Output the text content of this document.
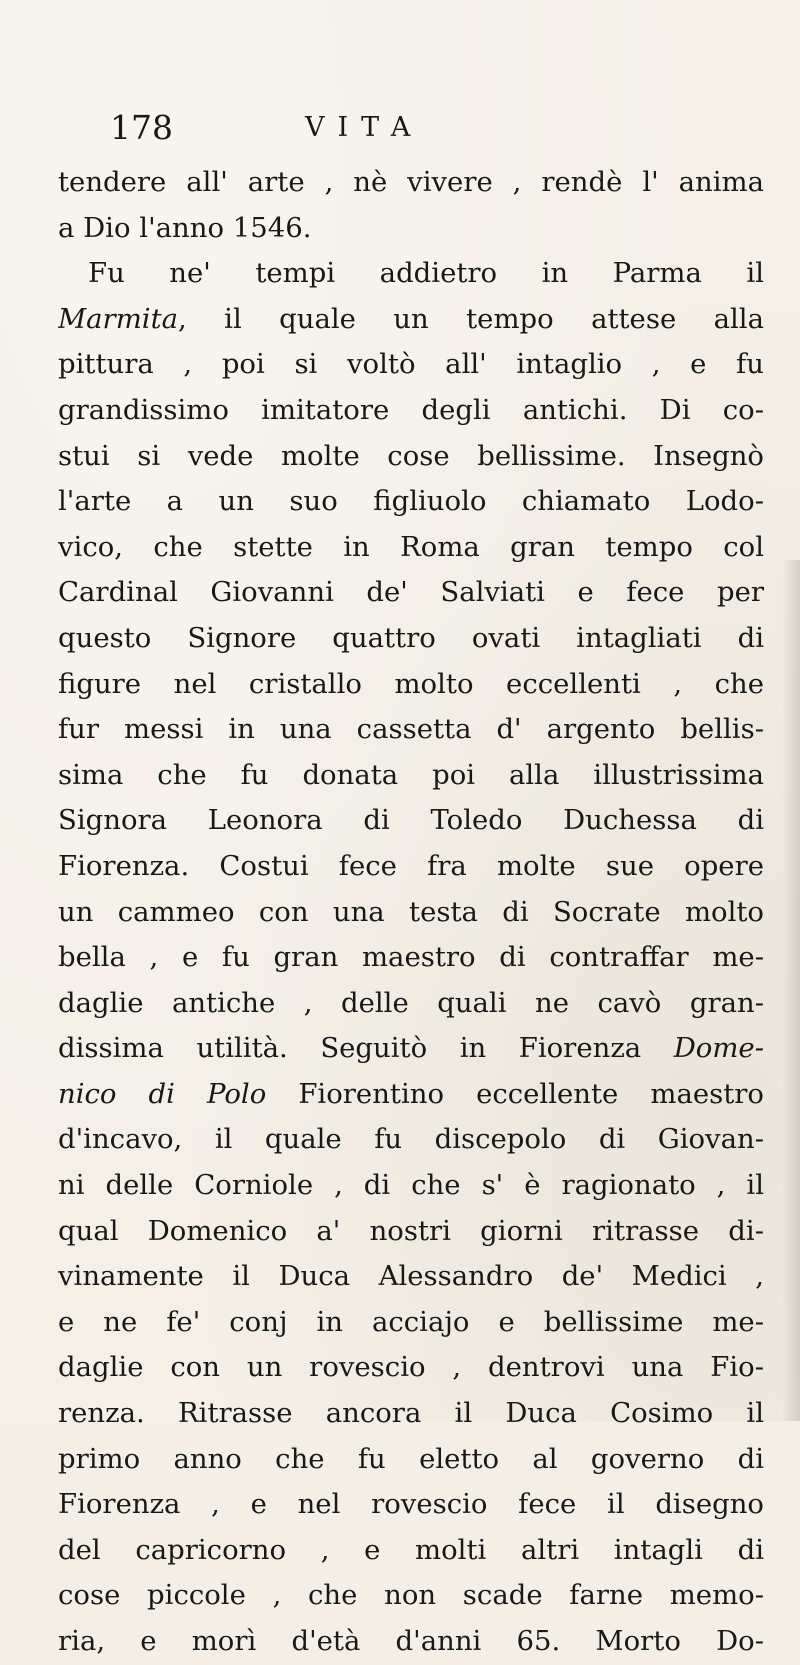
178	VITA
tendere all' arte , nè vivere , rendè l' anima
a Dio l'anno 1546.
Fu ne' tempi addietro in Parma il
Marmita, il quale un tempo attese alla
pittura , poi si voltò all' intaglio , e fu
grandissimo imitatore degli antichi. Di co-
stui si vede molte cose bellissime. Insegnò
l'arte a un suo figliuolo chiamato Lodo-
vico, che stette in Roma gran tempo col
Cardinal Giovanni de' Salviati e fece per
questo Signore quattro ovati intagliati di
figure nel cristallo molto eccellenti , che
fur messi in una cassetta d' argento bellis-
sima che fu donata poi alla illustrissima
Signora Leonora di Toledo Duchessa di
Fiorenza. Costui fece fra molte sue opere
un cammeo con una testa di Socrate molto
bella , e fu gran maestro di contraffar me-
daglie antiche , delle quali ne cavò gran-
dissima utilità. Seguitò in Fiorenza Dome-
nico di Polo Fiorentino eccellente maestro
d'incavo, il quale fu discepolo di Giovan-
ni delle Corniole , di che s' è ragionato , il
qual Domenico a' nostri giorni ritrasse di-
vinamente il Duca Alessandro de' Medici ,
e ne fe' conj in acciajo e bellissime me-
daglie con un rovescio , dentrovi una Fio-
renza. Ritrasse ancora il Duca Cosimo il
primo anno che fu eletto al governo di
Fiorenza , e nel rovescio fece il disegno
del capricorno , e molti altri intagli di
cose piccole , che non scade farne memo-
ria, e morì d'età d'anni 65. Morto Do-
